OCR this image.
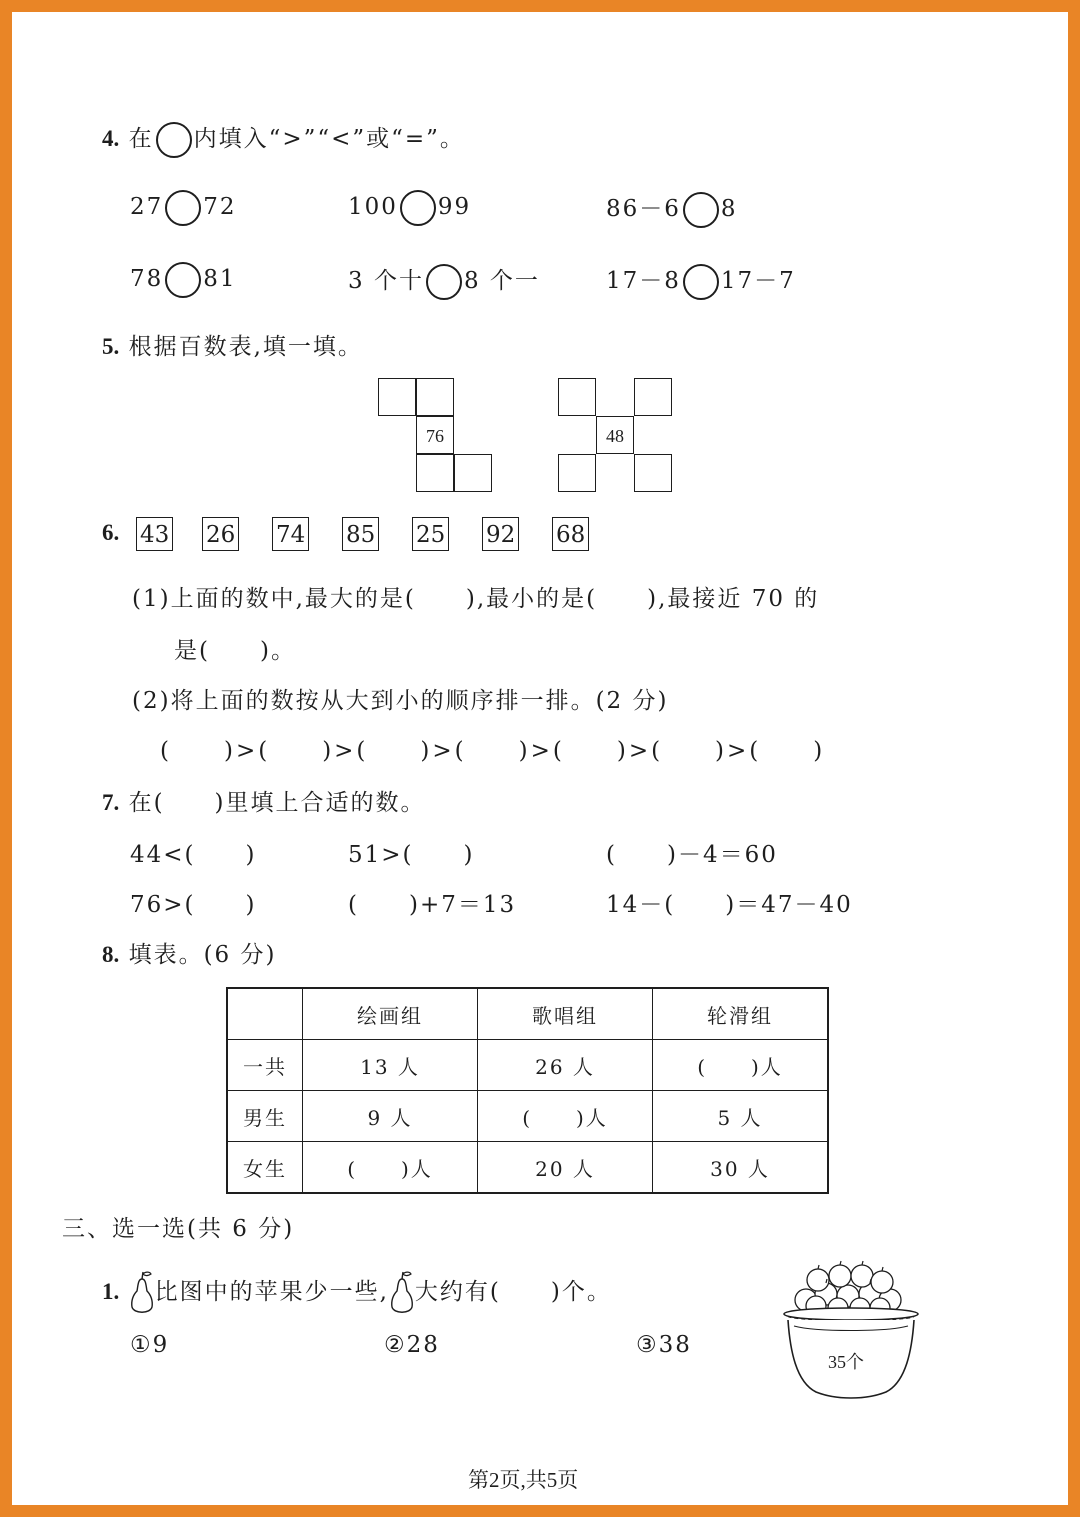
4. 在 内填入“>”“<”或“=”。
27 72	100 99	86－6 8
78 81	3 个十 8 个一	17－8 17－7
5. 根据百数表,填一填。
76	48
6. 43 26 74 85 25 92 68
(1)上面的数中,最大的是(　　),最小的是(　　),最接近 70 的
是(　　)。
(2)将上面的数按从大到小的顺序排一排。(2 分)
(　　)>(　　)>(　　)>(　　)>(　　)>(　　)>(　　)
7. 在(　　)里填上合适的数。
44<(　　)	51>(　　)	(　　)－4＝60
76>(　　)	(　　)+7＝13	14－(　　)＝47－40
8. 填表。(6 分)
	绘画组	歌唱组	轮滑组
一共	13 人	26 人	(　　)人
男生	9 人	(　　)人	5 人
女生	(　　)人	20 人	30 人
三、选一选(共 6 分)
1. 比图中的苹果少一些, 大约有(　　)个。
①9	②28	③38
35个
第2页,共5页
